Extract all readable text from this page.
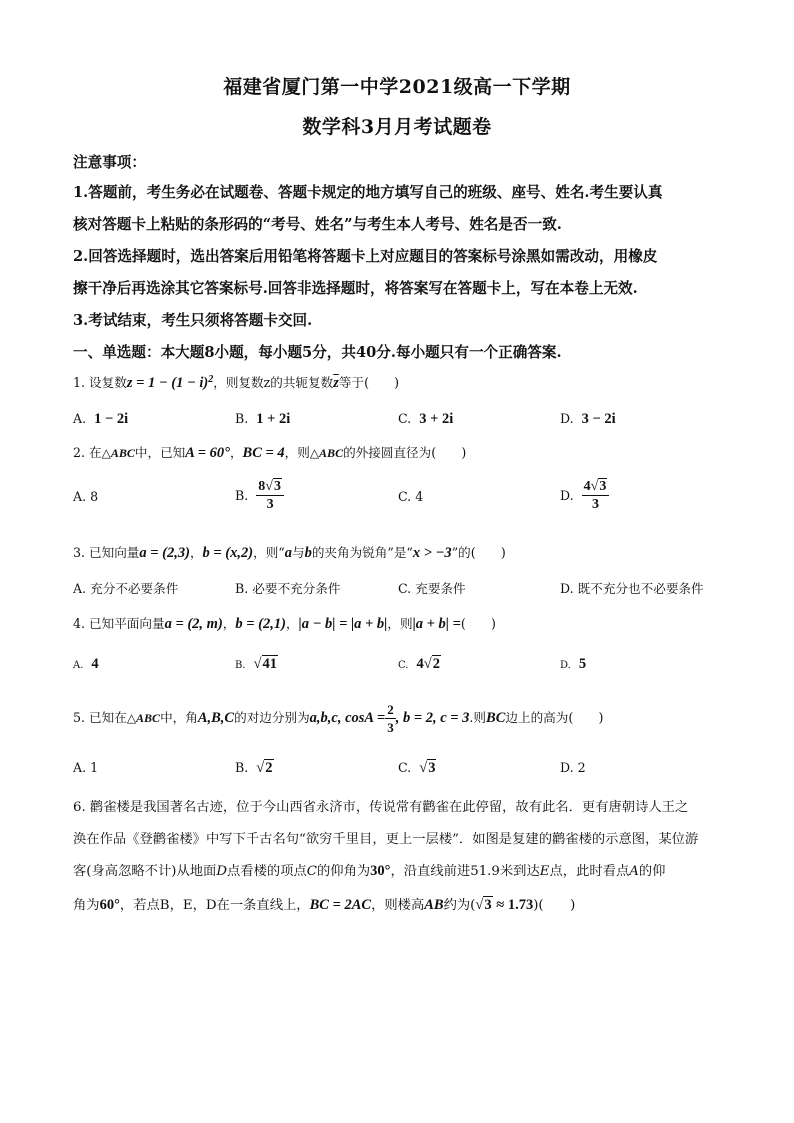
福建省厦门第一中学2021级高一下学期
数学科3月月考试题卷
注意事项：
1.答题前，考生务必在试题卷、答题卡规定的地方填写自己的班级、座号、姓名.考生要认真
核对答题卡上粘贴的条形码的“考号、姓名”与考生本人考号、姓名是否一致.
2.回答选择题时，选出答案后用铅笔将答题卡上对应题目的答案标号涂黑如需改动，用橡皮
擦干净后再选涂其它答案标号.回答非选择题时，将答案写在答题卡上，写在本卷上无效.
3.考试结束，考生只须将答题卡交回.
一、单选题：本大题8小题，每小题5分，共40分.每小题只有一个正确答案.
1. 设复数$z = 1 - (1 - i)^2$，则复数z的共轭复数$\overline{z}$等于(　　)
A. 1 − 2i	B. 1 + 2i	C. 3 + 2i	D. 3 − 2i
2. 在△ABC中，已知A = 60°，BC = 4，则△ABC的外接圆直径为(　　)
A. 8	B. $\frac{8√3}{3}$	C. 4	D. $\frac{4√3}{3}$
3. 已知向量a = (2,3)，b = (x,2)，则“a与b的夹角为锐角”是“x > −3”的(　　)
A. 充分不必要条件	B. 必要不充分条件	C. 充要条件	D. 既不充分也不必要条件
4. 已知平面向量a = (2, m)，b = (2,1)，|a − b| = |a + b|，则|a + b| =(　　)
A. 4	B. √41	C. 4√2	D. 5
5. 已知在△ABC中，角A,B,C的对边分别为a,b,c, $\cos A = \frac{2}{3}$ , b = 2, c = 3.则BC边上的高为(　　)
A. 1	B. √2	C. √3	D. 2
6. 鹳雀楼是我国著名古迹，位于今山西省永济市，传说常有鹳雀在此停留，故有此名．更有唐朝诗人王之
涣在作品《登鹳雀楼》中写下千古名句“欲穷千里目，更上一层楼”．如图是复建的鹳雀楼的示意图，某位游
客(身高忽略不计)从地面D点看楼的项点C的仰角为30°，沿直线前进51.9米到达E点，此时看点A的仰
角为60°，若点B，E，D在一条直线上，BC = 2AC，则楼高AB约为(√3 ≈ 1.73)(　　)
